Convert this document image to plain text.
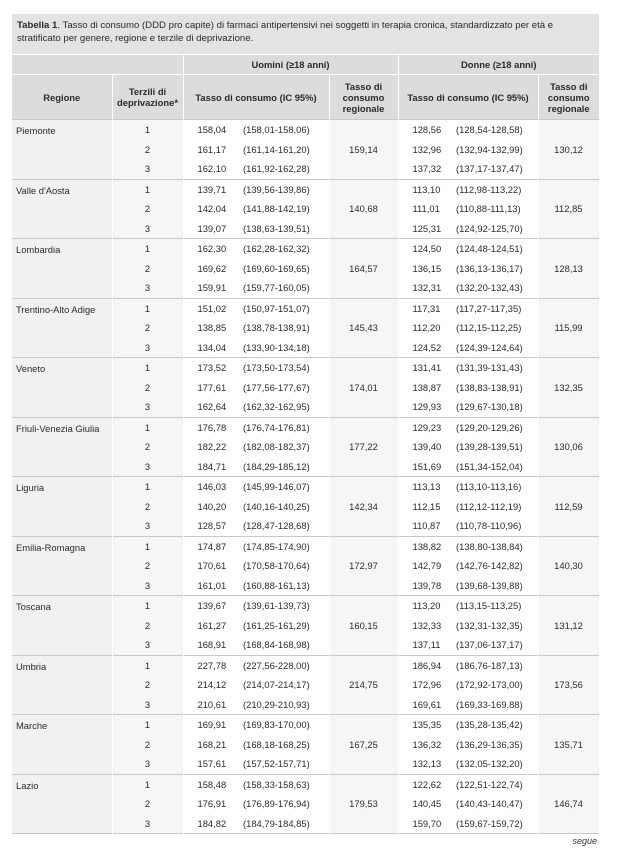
Tabella 1. Tasso di consumo (DDD pro capite) di farmaci antipertensivi nei soggetti in terapia cronica, standardizzato per età e stratificato per genere, regione e terzile di deprivazione.
		Uomini (≥18 anni)			Donne (≥18 anni)		
Regione	Terzili di deprivazione*	Tasso di consumo (IC 95%)		Tasso di consumo regionale	Tasso di consumo (IC 95%)		Tasso di consumo regionale
Piemonte	1	158,04	(158,01-158,06)	159,14	128,56	(128,54-128,58)	130,12
	2	161,17	(161,14-161,20)		132,96	(132,94-132,99)	
	3	162,10	(161,92-162,28)		137,32	(137,17-137,47)	
Valle d'Aosta	1	139,71	(139,56-139,86)	140,68	113,10	(112,98-113,22)	112,85
	2	142,04	(141,88-142,19)		111,01	(110,88-111,13)	
	3	139,07	(138,63-139,51)		125,31	(124,92-125,70)	
Lombardia	1	162,30	(162,28-162,32)	164,57	124,50	(124,48-124,51)	128,13
	2	169,62	(169,60-169,65)		136,15	(136,13-136,17)	
	3	159,91	(159,77-160,05)		132,31	(132,20-132,43)	
Trentino-Alto Adige	1	151,02	(150,97-151,07)	145,43	117,31	(117,27-117,35)	115,99
	2	138,85	(138,78-138,91)		112,20	(112,15-112,25)	
	3	134,04	(133,90-134,18)		124,52	(124,39-124,64)	
Veneto	1	173,52	(173,50-173,54)	174,01	131,41	(131,39-131,43)	132,35
	2	177,61	(177,56-177,67)		138,87	(138,83-138,91)	
	3	162,64	(162,32-162,95)		129,93	(129,67-130,18)	
Friuli-Venezia Giulia	1	176,78	(176,74-176,81)	177,22	129,23	(129,20-129,26)	130,06
	2	182,22	(182,08-182,37)		139,40	(139,28-139,51)	
	3	184,71	(184,29-185,12)		151,69	(151,34-152,04)	
Liguria	1	146,03	(145,99-146,07)	142,34	113,13	(113,10-113,16)	112,59
	2	140,20	(140,16-140,25)		112,15	(112,12-112,19)	
	3	128,57	(128,47-128,68)		110,87	(110,78-110,96)	
Emilia-Romagna	1	174,87	(174,85-174,90)	172,97	138,82	(138,80-138,84)	140,30
	2	170,61	(170,58-170,64)		142,79	(142,76-142,82)	
	3	161,01	(160,88-161,13)		139,78	(139,68-139,88)	
Toscana	1	139,67	(139,61-139,73)	160,15	113,20	(113,15-113,25)	131,12
	2	161,27	(161,25-161,29)		132,33	(132,31-132,35)	
	3	168,91	(168,84-168,98)		137,11	(137,06-137,17)	
Umbria	1	227,78	(227,56-228,00)	214,75	186,94	(186,76-187,13)	173,56
	2	214,12	(214,07-214,17)		172,96	(172,92-173,00)	
	3	210,61	(210,29-210,93)		169,61	(169,33-169,88)	
Marche	1	169,91	(169,83-170,00)	167,25	135,35	(135,28-135,42)	135,71
	2	168,21	(168,18-168,25)		136,32	(136,29-136,35)	
	3	157,61	(157,52-157,71)		132,13	(132,05-132,20)	
Lazio	1	158,48	(158,33-158,63)	179,53	122,62	(122,51-122,74)	146,74
	2	176,91	(176,89-176,94)		140,45	(140,43-140,47)	
	3	184,82	(184,79-184,85)		159,70	(159,67-159,72)	
segue
